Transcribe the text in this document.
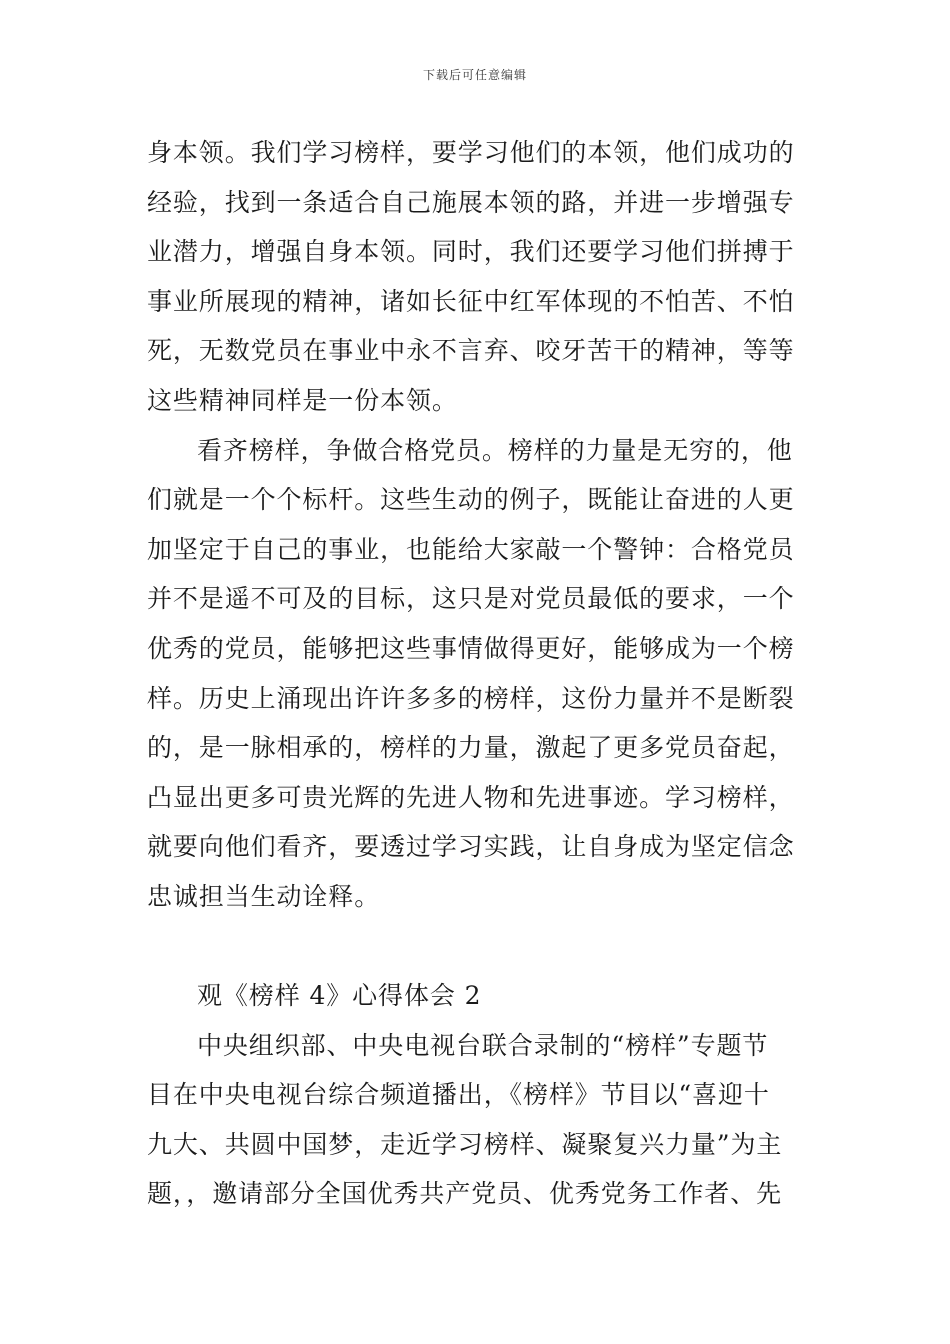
下载后可任意编辑
身本领。我们学习榜样，要学习他们的本领，他们成功的
经验，找到一条适合自己施展本领的路，并进一步增强专
业潜力，增强自身本领。同时，我们还要学习他们拼搏于
事业所展现的精神，诸如长征中红军体现的不怕苦、不怕
死，无数党员在事业中永不言弃、咬牙苦干的精神，等等
这些精神同样是一份本领。
看齐榜样，争做合格党员。榜样的力量是无穷的，他
们就是一个个标杆。这些生动的例子，既能让奋进的人更
加坚定于自己的事业，也能给大家敲一个警钟：合格党员
并不是遥不可及的目标，这只是对党员最低的要求，一个
优秀的党员，能够把这些事情做得更好，能够成为一个榜
样。历史上涌现出许许多多的榜样，这份力量并不是断裂
的，是一脉相承的，榜样的力量，激起了更多党员奋起，
凸显出更多可贵光辉的先进人物和先进事迹。学习榜样，
就要向他们看齐，要透过学习实践，让自身成为坚定信念
忠诚担当生动诠释。
观《榜样 4》心得体会 2
中央组织部、中央电视台联合录制的“榜样”专题节
目在中央电视台综合频道播出，《榜样》节目以“喜迎十
九大、共圆中国梦，走近学习榜样、凝聚复兴力量”为主
题，，邀请部分全国优秀共产党员、优秀党务工作者、先
